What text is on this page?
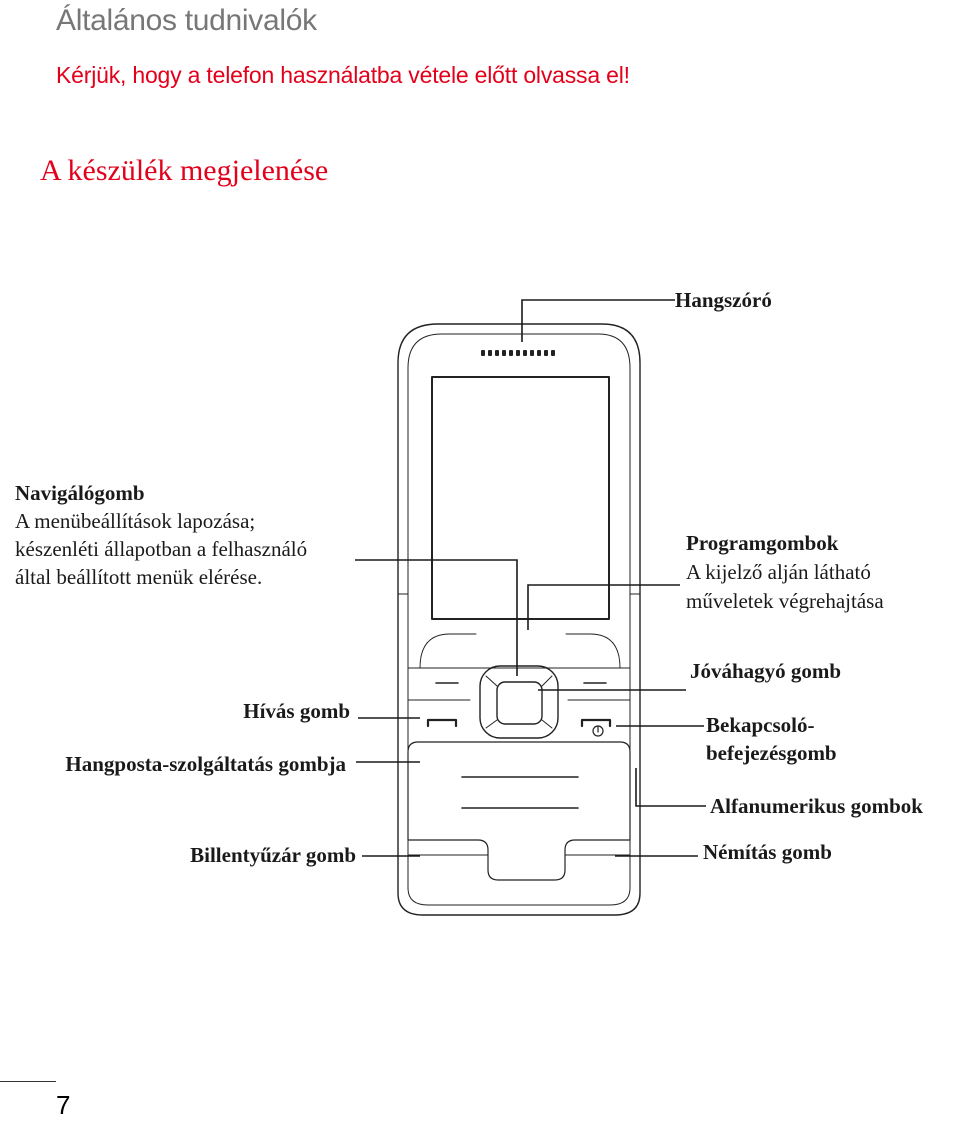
Általános tudnivalók
Kérjük, hogy a telefon használatba vétele előtt olvassa el!
A készülék megjelenése
Hangszóró
Navigálógomb
A menübeállítások lapozása;
készenléti állapotban a felhasználó
által beállított menük elérése.
Programgombok
A kijelző alján látható
műveletek végrehajtása
Jóváhagyó gomb
Hívás gomb
Bekapcsoló-
befejezésgomb
Hangposta-szolgáltatás gombja
Alfanumerikus gombok
Billentyűzár gomb	Némítás gomb
7
